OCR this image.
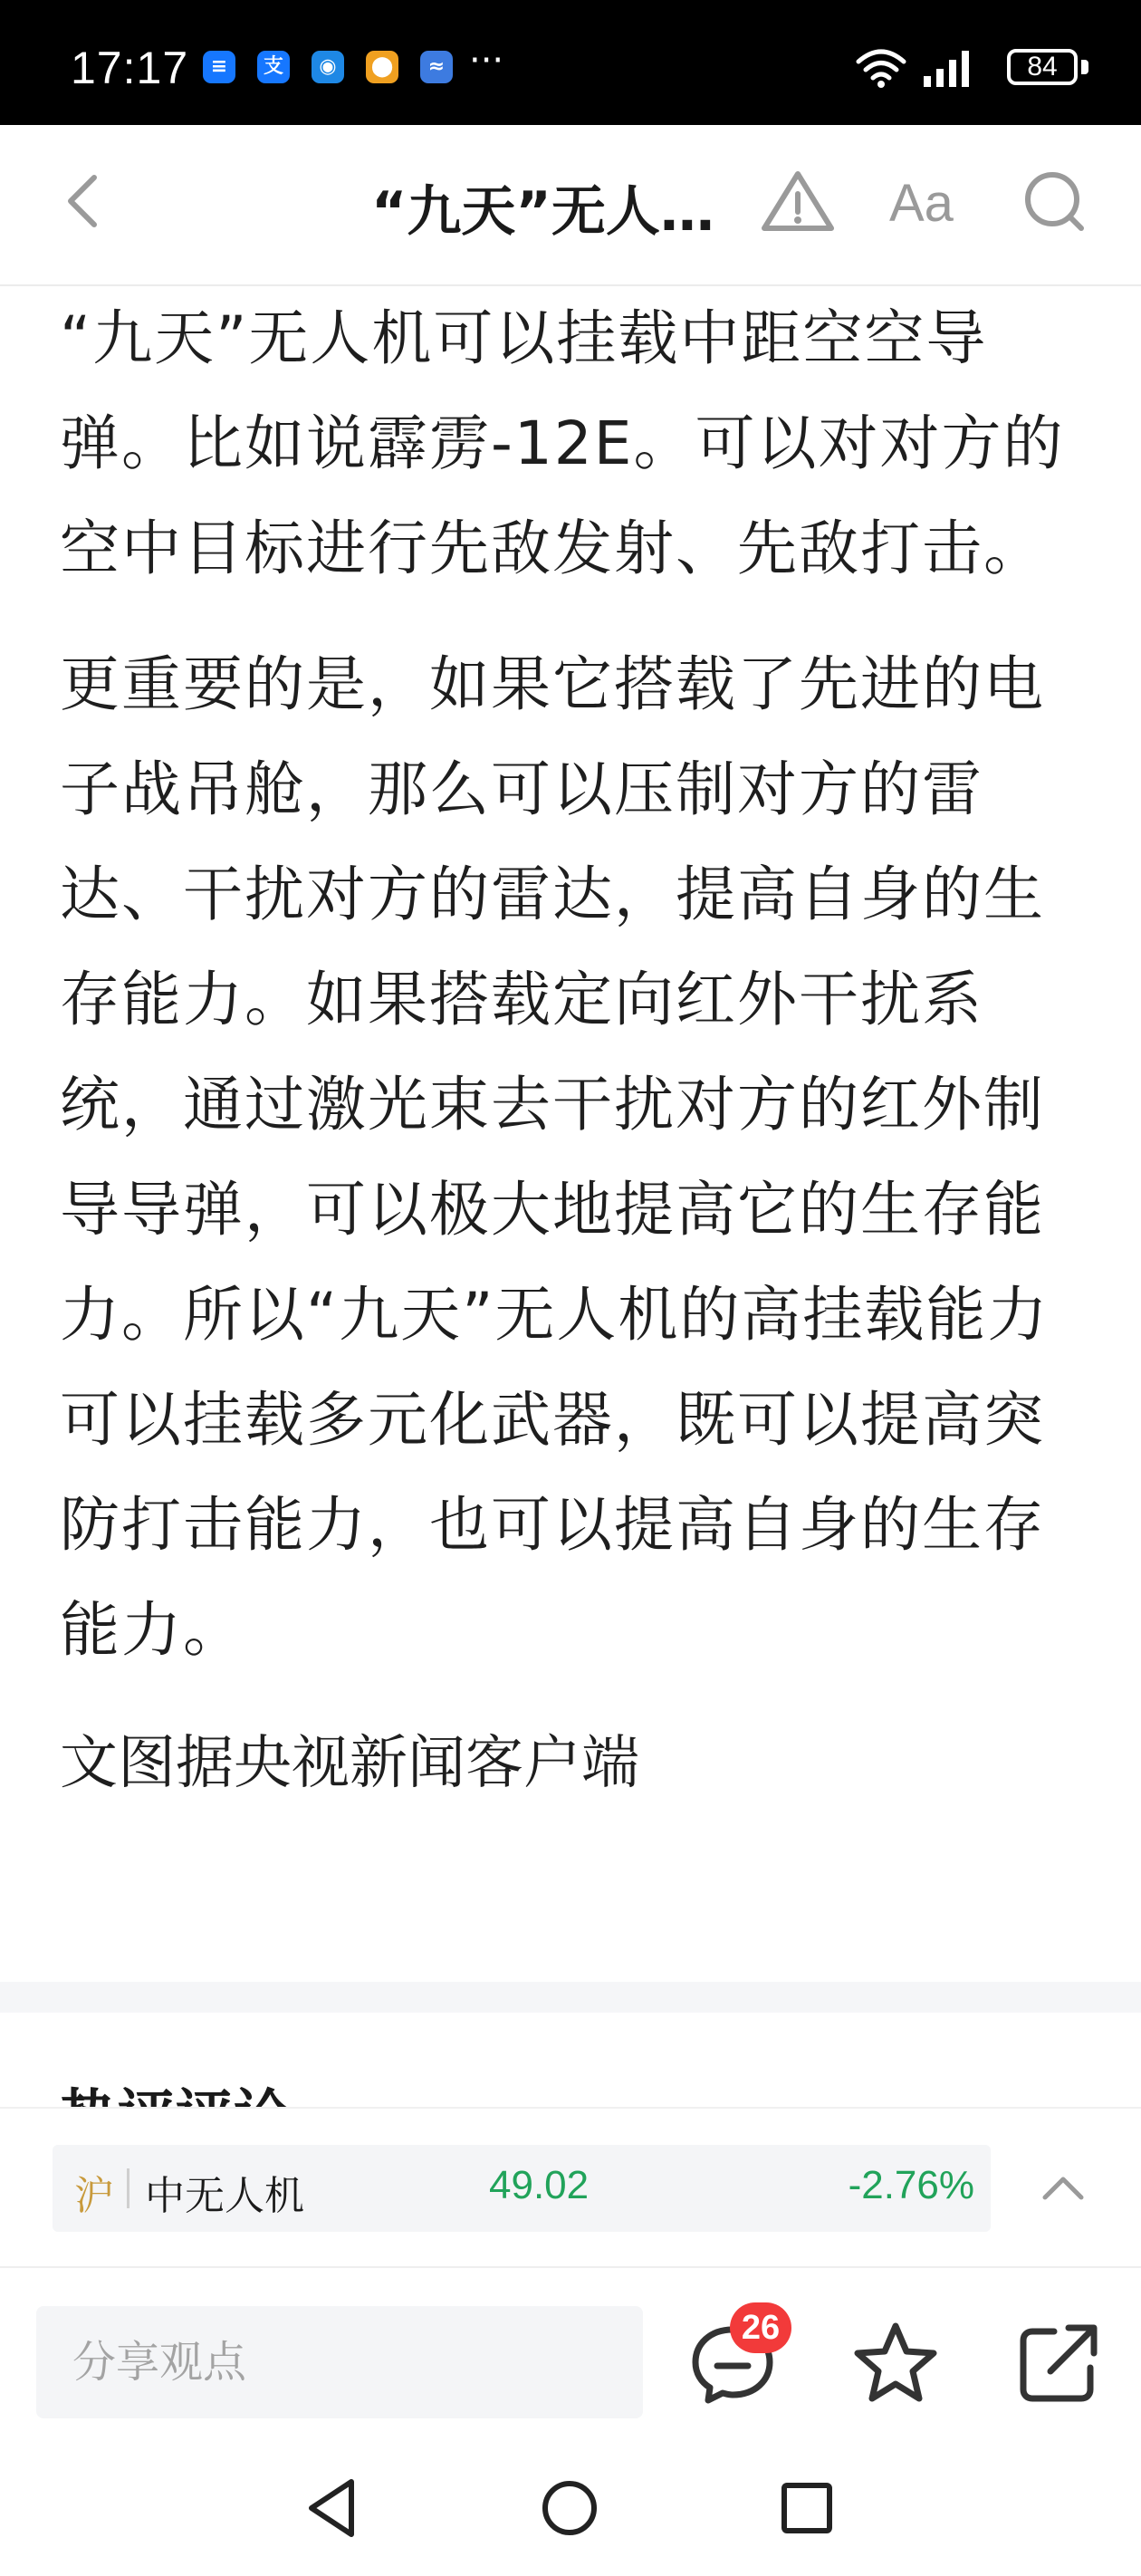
17:17	≡	支	◉	⬤	≈ ···	84
“九天”无人…	Aa

“九天”无人机可以挂载中距空空导弹。比如说霹雳-12E。可以对对方的空中目标进行先敌发射、先敌打击。

更重要的是，如果它搭载了先进的电子战吊舱，那么可以压制对方的雷达、干扰对方的雷达，提高自身的生存能力。如果搭载定向红外干扰系统，通过激光束去干扰对方的红外制导导弹，可以极大地提高它的生存能力。所以“九天”无人机的高挂载能力可以挂载多元化武器，既可以提高突防打击能力，也可以提高自身的生存能力。

文图据央视新闻客户端
沪 中无人机	49.02	-2.76%
分享观点
26
